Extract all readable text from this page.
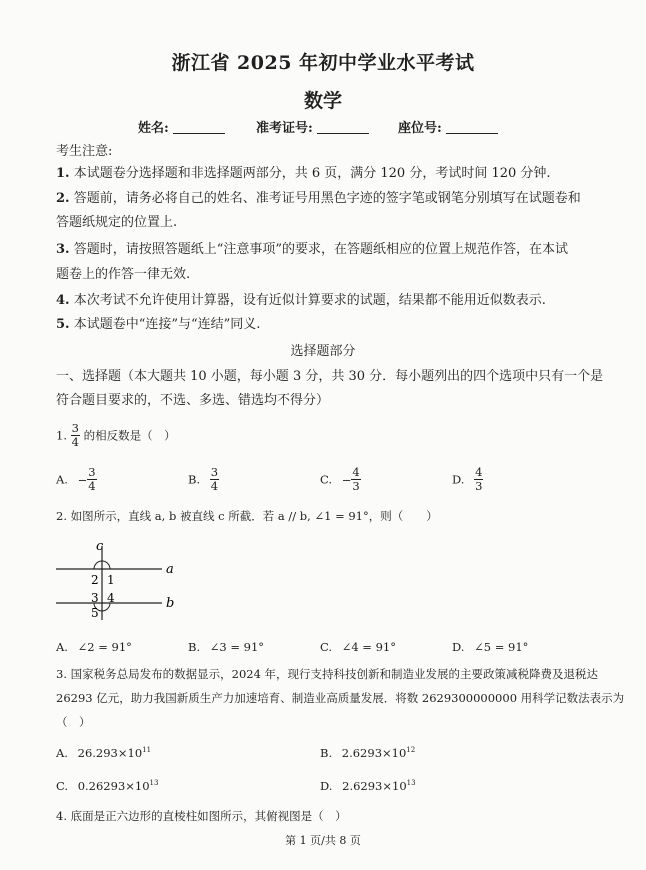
浙江省 2025 年初中学业水平考试
数学
姓名:	准考证号:	座位号:
考生注意:
1. 本试题卷分选择题和非选择题两部分，共 6 页，满分 120 分，考试时间 120 分钟.
2. 答题前，请务必将自己的姓名、准考证号用黑色字迹的签字笔或钢笔分别填写在试题卷和
答题纸规定的位置上.
3. 答题时，请按照答题纸上“注意事项”的要求，在答题纸相应的位置上规范作答，在本试
题卷上的作答一律无效.
4. 本次考试不允许使用计算器，设有近似计算要求的试题，结果都不能用近似数表示.
5. 本试题卷中“连接”与“连结”同义.
选择题部分
一、选择题（本大题共 10 小题，每小题 3 分，共 30 分．每小题列出的四个选项中只有一个是
符合题目要求的，不选、多选、错选均不得分）
1. $\frac{3}{4}$ 的相反数是（　）
A. − $\frac{3}{4}$	B. $\frac{3}{4}$	C. − $\frac{4}{3}$	D. $\frac{4}{3}$
2. 如图所示，直线 a, b 被直线 c 所截．若 a // b, ∠1 = 91°，则（　　）
c
a
b
2 1
3 4
5
A. ∠2 = 91°	B. ∠3 = 91°	C. ∠4 = 91°	D. ∠5 = 91°
3. 国家税务总局发布的数据显示，2024 年，现行支持科技创新和制造业发展的主要政策减税降费及退税达
26293 亿元，助力我国新质生产力加速培育、制造业高质量发展．将数 2629300000000 用科学记数法表示为
（　）
A. $26.293\times 10^{11}$	B. $2.6293\times 10^{12}$
C. $0.26293\times 10^{13}$	D. $2.6293\times 10^{13}$
4. 底面是正六边形的直棱柱如图所示，其俯视图是（　）
第 1 页/共 8 页
